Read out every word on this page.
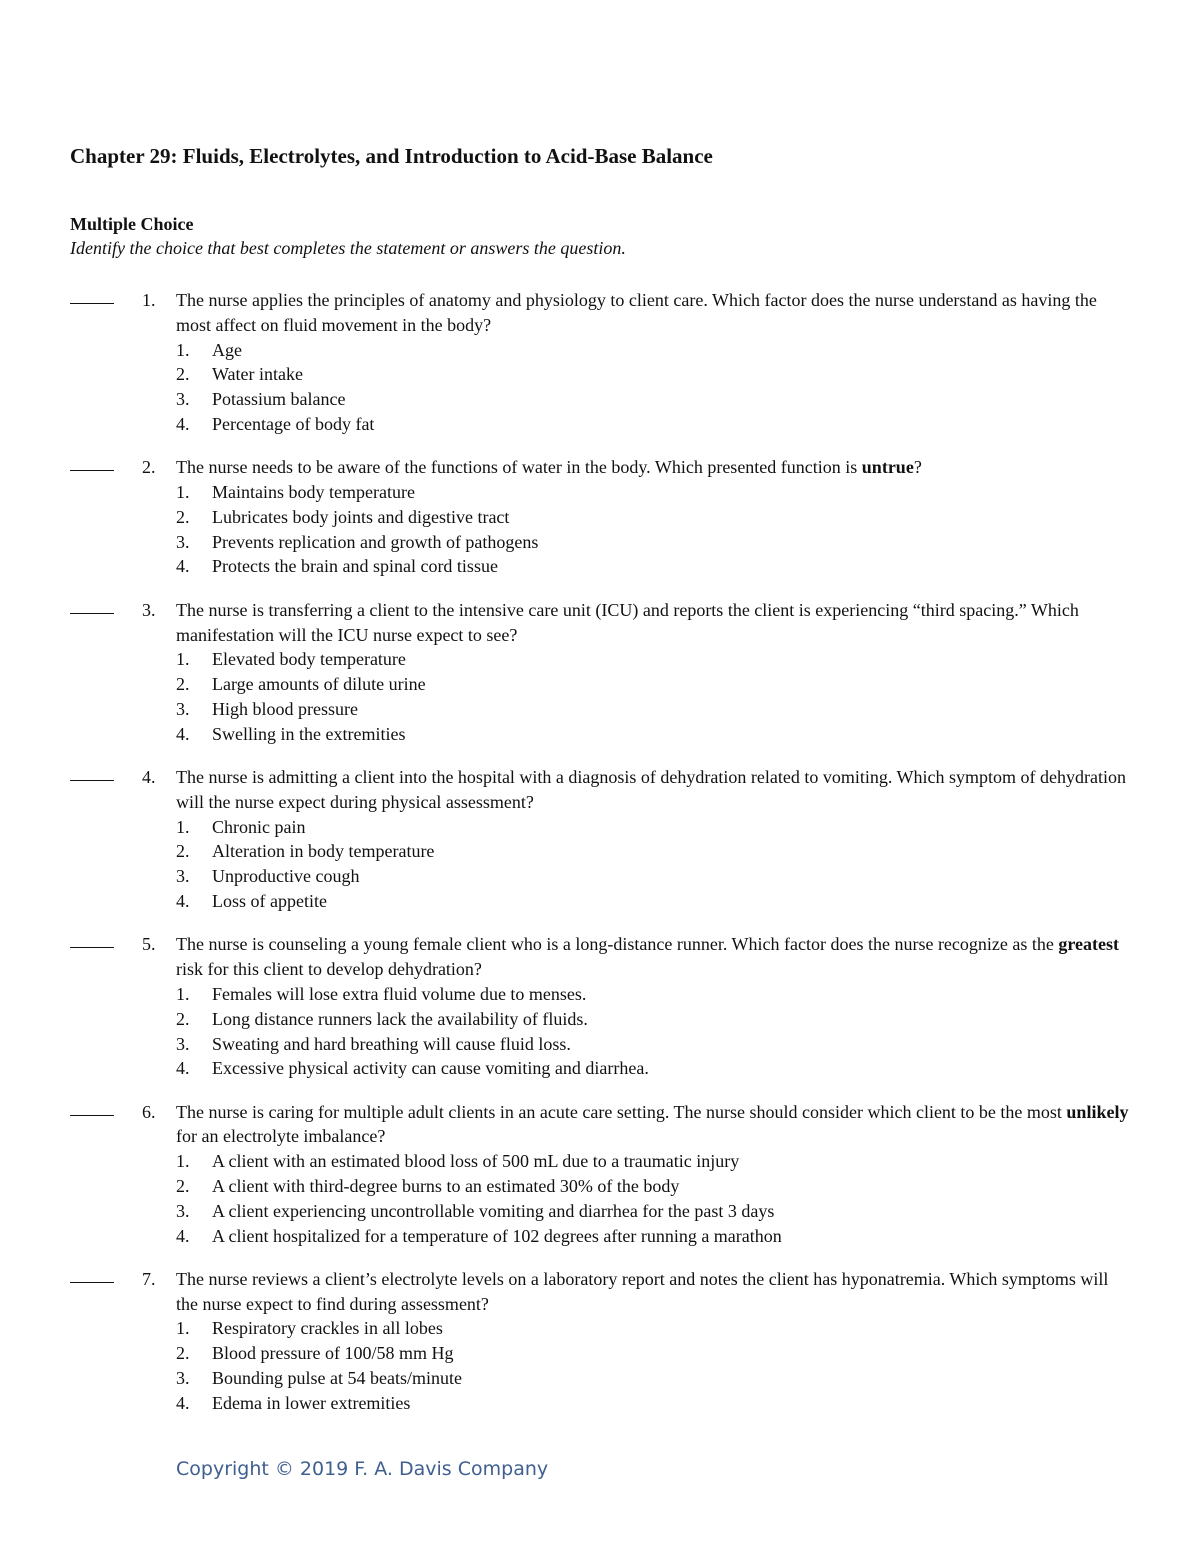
Chapter 29: Fluids, Electrolytes, and Introduction to Acid-Base Balance
Multiple Choice
Identify the choice that best completes the statement or answers the question.
1. The nurse applies the principles of anatomy and physiology to client care. Which factor does the nurse understand as having the most affect on fluid movement in the body?
1. Age
2. Water intake
3. Potassium balance
4. Percentage of body fat
2. The nurse needs to be aware of the functions of water in the body. Which presented function is untrue?
1. Maintains body temperature
2. Lubricates body joints and digestive tract
3. Prevents replication and growth of pathogens
4. Protects the brain and spinal cord tissue
3. The nurse is transferring a client to the intensive care unit (ICU) and reports the client is experiencing “third spacing.” Which manifestation will the ICU nurse expect to see?
1. Elevated body temperature
2. Large amounts of dilute urine
3. High blood pressure
4. Swelling in the extremities
4. The nurse is admitting a client into the hospital with a diagnosis of dehydration related to vomiting. Which symptom of dehydration will the nurse expect during physical assessment?
1. Chronic pain
2. Alteration in body temperature
3. Unproductive cough
4. Loss of appetite
5. The nurse is counseling a young female client who is a long-distance runner. Which factor does the nurse recognize as the greatest risk for this client to develop dehydration?
1. Females will lose extra fluid volume due to menses.
2. Long distance runners lack the availability of fluids.
3. Sweating and hard breathing will cause fluid loss.
4. Excessive physical activity can cause vomiting and diarrhea.
6. The nurse is caring for multiple adult clients in an acute care setting. The nurse should consider which client to be the most unlikely for an electrolyte imbalance?
1. A client with an estimated blood loss of 500 mL due to a traumatic injury
2. A client with third-degree burns to an estimated 30% of the body
3. A client experiencing uncontrollable vomiting and diarrhea for the past 3 days
4. A client hospitalized for a temperature of 102 degrees after running a marathon
7. The nurse reviews a client’s electrolyte levels on a laboratory report and notes the client has hyponatremia. Which symptoms will the nurse expect to find during assessment?
1. Respiratory crackles in all lobes
2. Blood pressure of 100/58 mm Hg
3. Bounding pulse at 54 beats/minute
4. Edema in lower extremities
Copyright © 2019 F. A. Davis Company
